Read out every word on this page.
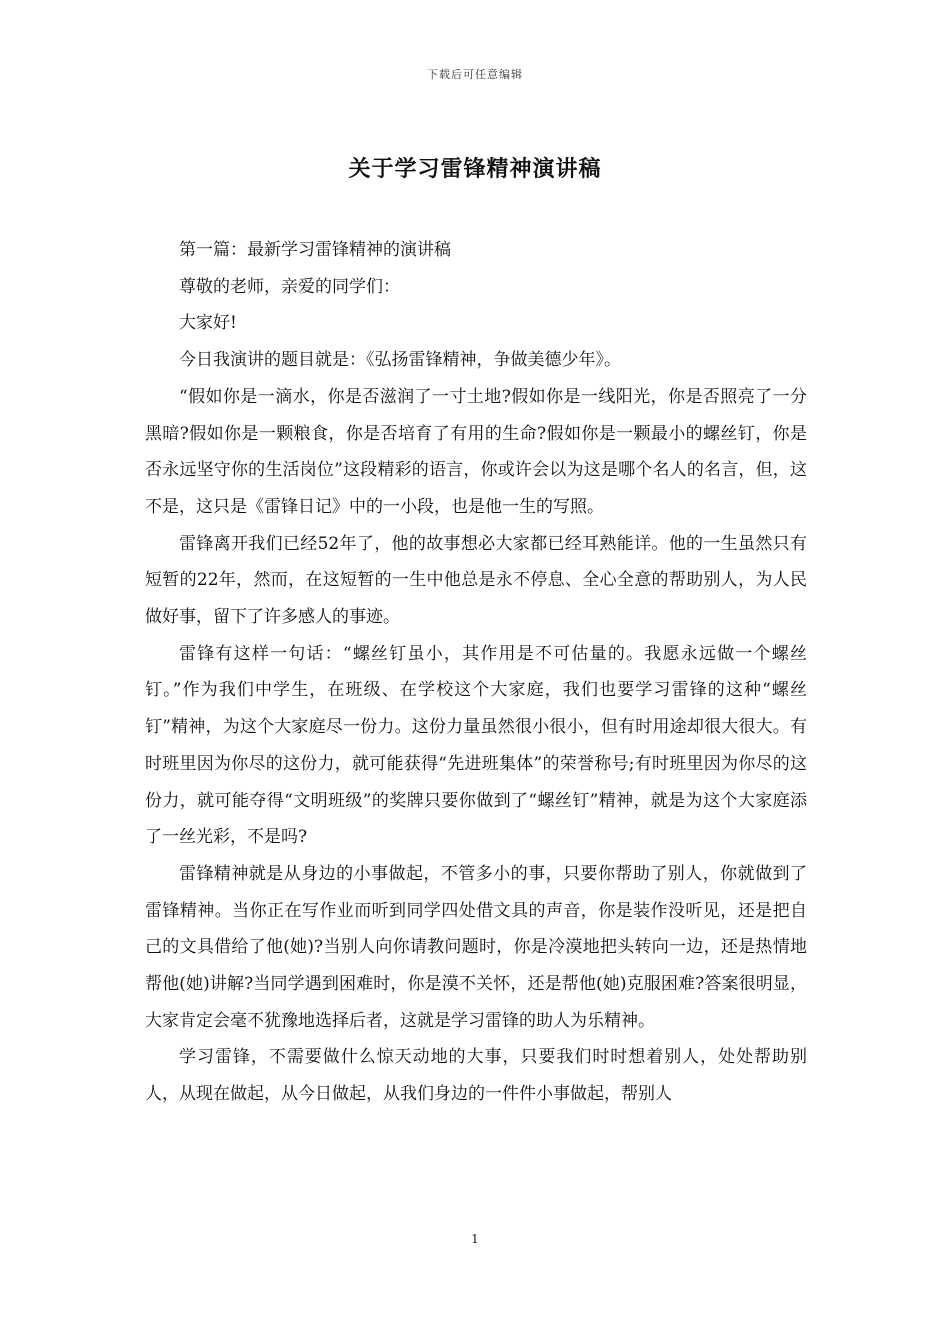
下载后可任意编辑
关于学习雷锋精神演讲稿

第一篇：最新学习雷锋精神的演讲稿

尊敬的老师，亲爱的同学们：

大家好!

今日我演讲的题目就是：《弘扬雷锋精神，争做美德少年》。

“假如你是一滴水，你是否滋润了一寸土地?假如你是一线阳光，你是否照亮了一分黑暗?假如你是一颗粮食，你是否培育了有用的生命?假如你是一颗最小的螺丝钉，你是否永远坚守你的生活岗位”这段精彩的语言，你或许会以为这是哪个名人的名言，但，这不是，这只是《雷锋日记》中的一小段，也是他一生的写照。

雷锋离开我们已经52年了，他的故事想必大家都已经耳熟能详。他的一生虽然只有短暂的22年，然而，在这短暂的一生中他总是永不停息、全心全意的帮助别人，为人民做好事，留下了许多感人的事迹。

雷锋有这样一句话：“螺丝钉虽小，其作用是不可估量的。我愿永远做一个螺丝钉。”作为我们中学生，在班级、在学校这个大家庭，我们也要学习雷锋的这种“螺丝钉”精神，为这个大家庭尽一份力。这份力量虽然很小很小，但有时用途却很大很大。有时班里因为你尽的这份力，就可能获得“先进班集体”的荣誉称号;有时班里因为你尽的这份力，就可能夺得“文明班级”的奖牌只要你做到了“螺丝钉”精神，就是为这个大家庭添了一丝光彩，不是吗?

雷锋精神就是从身边的小事做起，不管多小的事，只要你帮助了别人，你就做到了雷锋精神。当你正在写作业而听到同学四处借文具的声音，你是装作没听见，还是把自己的文具借给了他(她)?当别人向你请教问题时，你是冷漠地把头转向一边，还是热情地帮他(她)讲解?当同学遇到困难时，你是漠不关怀，还是帮他(她)克服困难?答案很明显，大家肯定会毫不犹豫地选择后者，这就是学习雷锋的助人为乐精神。

学习雷锋，不需要做什么惊天动地的大事，只要我们时时想着别人，处处帮助别人，从现在做起，从今日做起，从我们身边的一件件小事做起，帮别人

1
